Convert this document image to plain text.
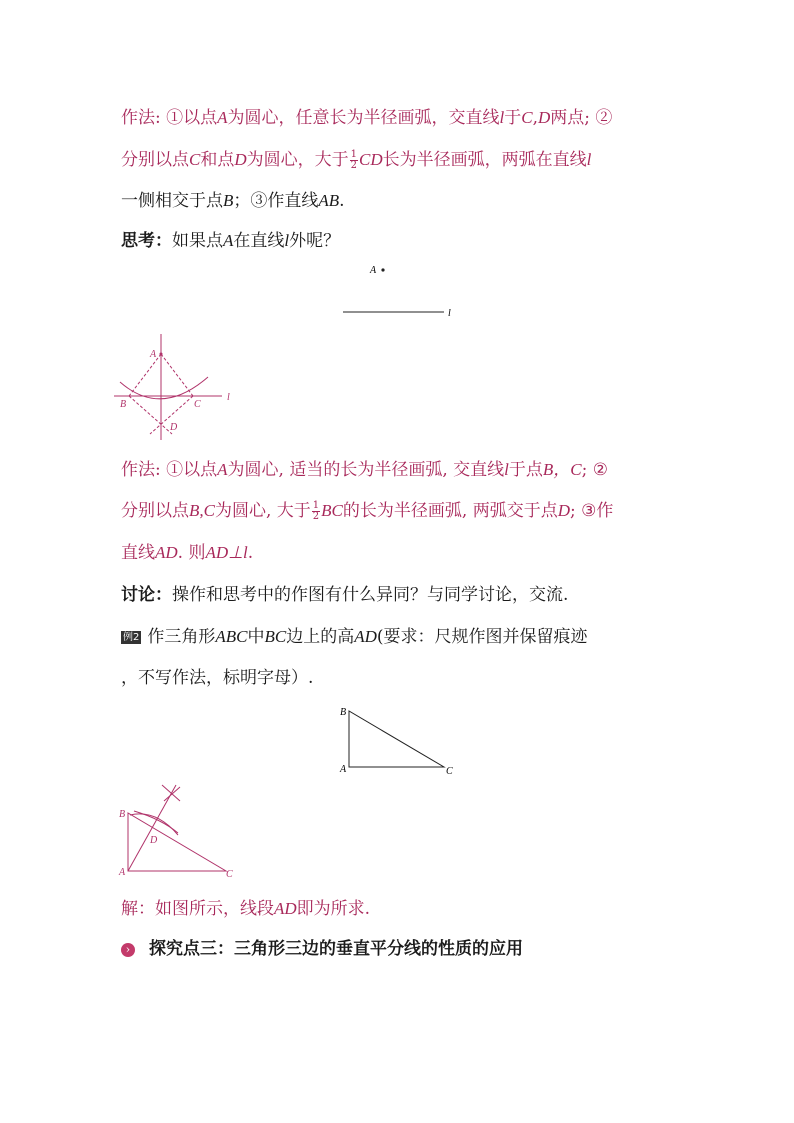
作法: ①以点A为圆心，任意长为半径画弧，交直线l于C,D两点; ②
分别以点C和点D为圆心，大于 $\frac{1}{2}$ CD长为半径画弧，两弧在直线l
一侧相交于点B；③作直线AB.
思考：如果点A在直线l外呢？
A
l
A
B	C
D
l
作法: ①以点A为圆心, 适当的长为半径画弧, 交直线l于点B，C; ②
分别以点B,C为圆心, 大于 $\frac{1}{2}$ BC的长为半径画弧, 两弧交于点D; ③作
直线AD. 则AD⊥l.
讨论：操作和思考中的作图有什么异同？与同学讨论，交流.
例2 作三角形ABC中BC边上的高AD(要求：尺规作图并保留痕迹
，不写作法，标明字母）.
B
A	C
B
A	C
D
解：如图所示，线段AD即为所求.
› 探究点三：三角形三边的垂直平分线的性质的应用
